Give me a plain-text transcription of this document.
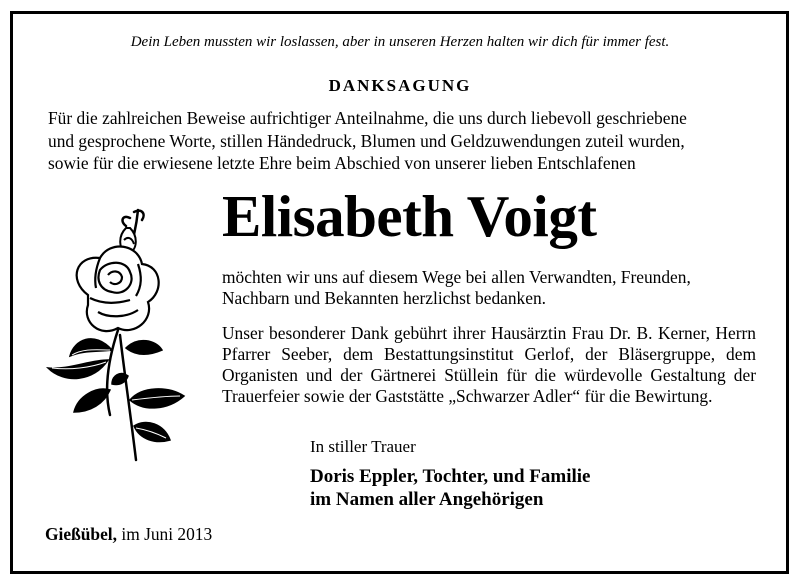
Dein Leben mussten wir loslassen, aber in unseren Herzen halten wir dich für immer fest.
DANKSAGUNG
Für die zahlreichen Beweise aufrichtiger Anteilnahme, die uns durch liebevoll geschriebene
und gesprochene Worte, stillen Händedruck, Blumen und Geldzuwendungen zuteil wurden,
sowie für die erwiesene letzte Ehre beim Abschied von unserer lieben Entschlafenen
Elisabeth Voigt
möchten wir uns auf diesem Wege bei allen Verwandten, Freunden, Nachbarn und Bekannten herzlichst bedanken.
Unser besonderer Dank gebührt ihrer Hausärztin Frau Dr. B. Kerner, Herrn Pfarrer Seeber, dem Bestattungsinstitut Gerlof, der Bläsergruppe, dem Organisten und der Gärtnerei Stüllein für die würdevolle Gestaltung der Trauerfeier sowie der Gaststätte „Schwarzer Adler“ für die Bewirtung.
In stiller Trauer
Doris Eppler, Tochter, und Familie
im Namen aller Angehörigen
Gießübel, im Juni 2013
